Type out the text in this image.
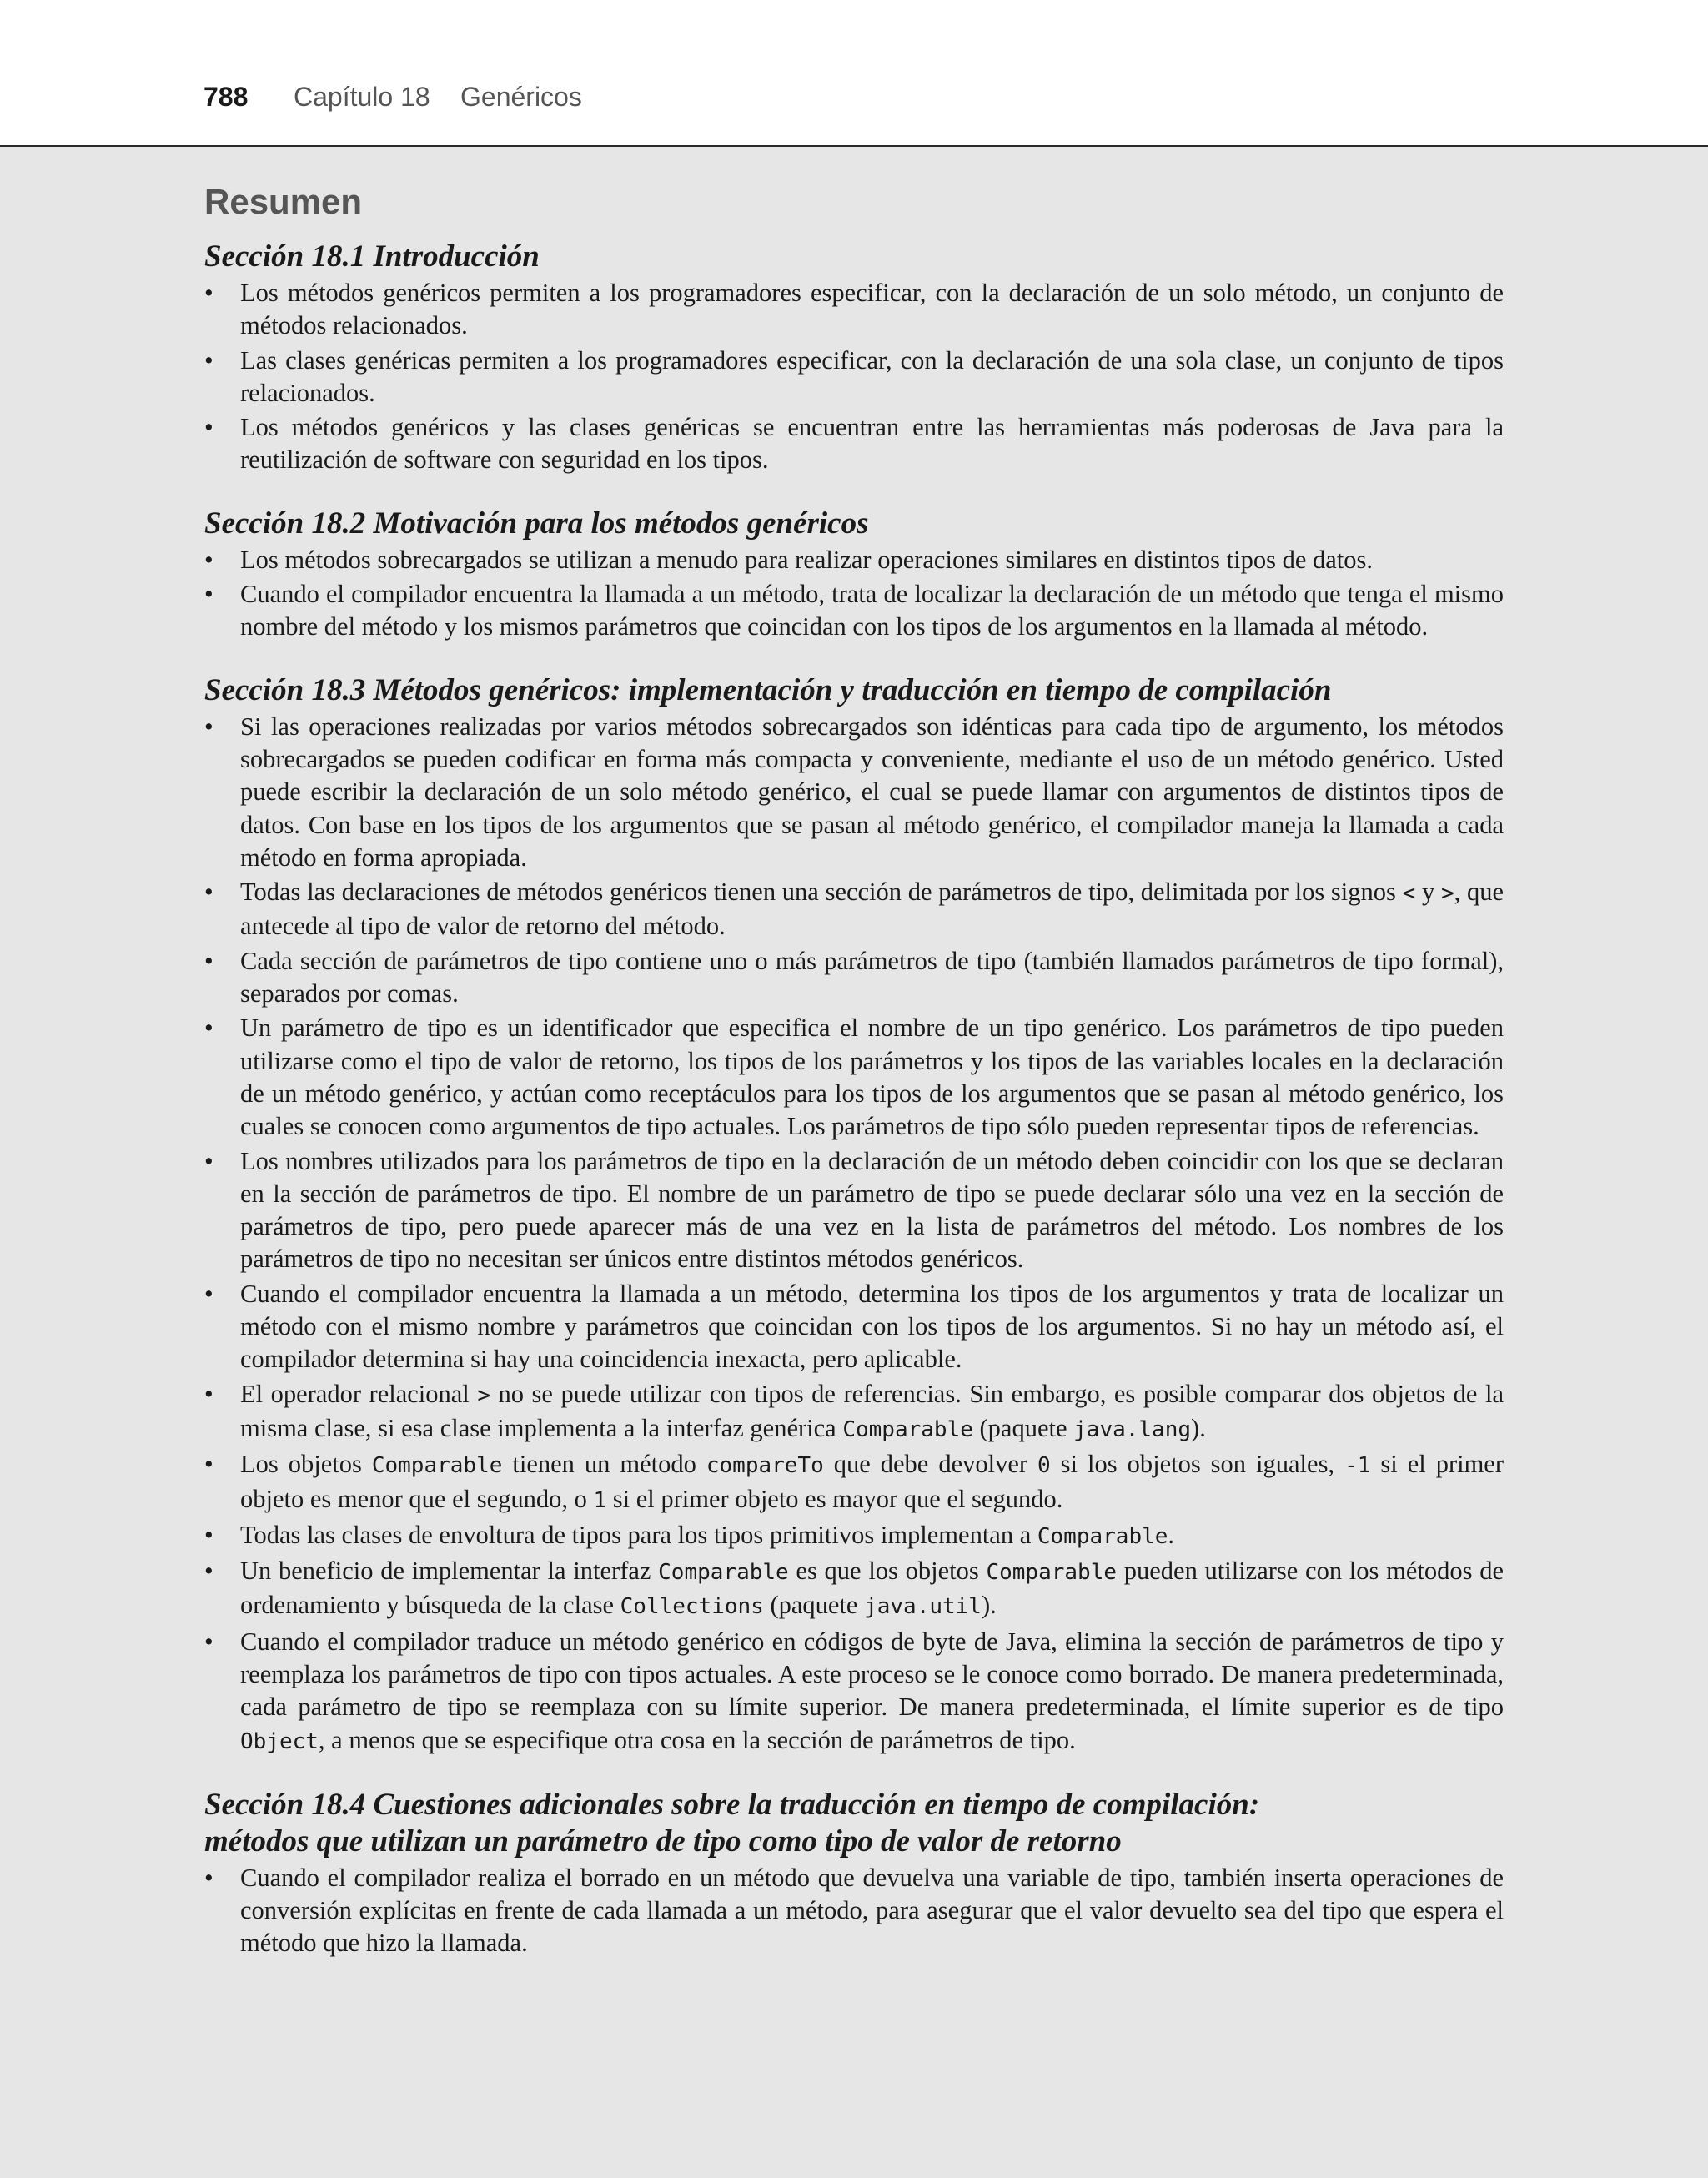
788 Capítulo 18 Genéricos
Resumen
Sección 18.1 Introducción
•	Los métodos genéricos permiten a los programadores especificar, con la declaración de un solo método, un conjunto de métodos relacionados.
•	Las clases genéricas permiten a los programadores especificar, con la declaración de una sola clase, un conjunto de tipos relacionados.
•	Los métodos genéricos y las clases genéricas se encuentran entre las herramientas más poderosas de Java para la reutilización de software con seguridad en los tipos.
Sección 18.2 Motivación para los métodos genéricos
•	Los métodos sobrecargados se utilizan a menudo para realizar operaciones similares en distintos tipos de datos.
•	Cuando el compilador encuentra la llamada a un método, trata de localizar la declaración de un método que tenga el mismo nombre del método y los mismos parámetros que coincidan con los tipos de los argumentos en la llamada al método.
Sección 18.3 Métodos genéricos: implementación y traducción en tiempo de compilación
•	Si las operaciones realizadas por varios métodos sobrecargados son idénticas para cada tipo de argumento, los métodos sobrecargados se pueden codificar en forma más compacta y conveniente, mediante el uso de un método genérico. Usted puede escribir la declaración de un solo método genérico, el cual se puede llamar con argumentos de distintos tipos de datos. Con base en los tipos de los argumentos que se pasan al método genérico, el compilador maneja la llamada a cada método en forma apropiada.
•	Todas las declaraciones de métodos genéricos tienen una sección de parámetros de tipo, delimitada por los signos < y >, que antecede al tipo de valor de retorno del método.
•	Cada sección de parámetros de tipo contiene uno o más parámetros de tipo (también llamados parámetros de tipo formal), separados por comas.
•	Un parámetro de tipo es un identificador que especifica el nombre de un tipo genérico. Los parámetros de tipo pueden utilizarse como el tipo de valor de retorno, los tipos de los parámetros y los tipos de las variables locales en la declaración de un método genérico, y actúan como receptáculos para los tipos de los argumentos que se pasan al método genérico, los cuales se conocen como argumentos de tipo actuales. Los parámetros de tipo sólo pueden representar tipos de referencias.
•	Los nombres utilizados para los parámetros de tipo en la declaración de un método deben coincidir con los que se declaran en la sección de parámetros de tipo. El nombre de un parámetro de tipo se puede declarar sólo una vez en la sección de parámetros de tipo, pero puede aparecer más de una vez en la lista de parámetros del método. Los nombres de los parámetros de tipo no necesitan ser únicos entre distintos métodos genéricos.
•	Cuando el compilador encuentra la llamada a un método, determina los tipos de los argumentos y trata de localizar un método con el mismo nombre y parámetros que coincidan con los tipos de los argumentos. Si no hay un método así, el compilador determina si hay una coincidencia inexacta, pero aplicable.
•	El operador relacional > no se puede utilizar con tipos de referencias. Sin embargo, es posible comparar dos objetos de la misma clase, si esa clase implementa a la interfaz genérica Comparable (paquete java.lang).
•	Los objetos Comparable tienen un método compareTo que debe devolver 0 si los objetos son iguales, -1 si el primer objeto es menor que el segundo, o 1 si el primer objeto es mayor que el segundo.
•	Todas las clases de envoltura de tipos para los tipos primitivos implementan a Comparable.
•	Un beneficio de implementar la interfaz Comparable es que los objetos Comparable pueden utilizarse con los métodos de ordenamiento y búsqueda de la clase Collections (paquete java.util).
•	Cuando el compilador traduce un método genérico en códigos de byte de Java, elimina la sección de parámetros de tipo y reemplaza los parámetros de tipo con tipos actuales. A este proceso se le conoce como borrado. De manera predeterminada, cada parámetro de tipo se reemplaza con su límite superior. De manera predeterminada, el límite superior es de tipo Object, a menos que se especifique otra cosa en la sección de parámetros de tipo.
Sección 18.4 Cuestiones adicionales sobre la traducción en tiempo de compilación:
métodos que utilizan un parámetro de tipo como tipo de valor de retorno
•	Cuando el compilador realiza el borrado en un método que devuelva una variable de tipo, también inserta operaciones de conversión explícitas en frente de cada llamada a un método, para asegurar que el valor devuelto sea del tipo que espera el método que hizo la llamada.
